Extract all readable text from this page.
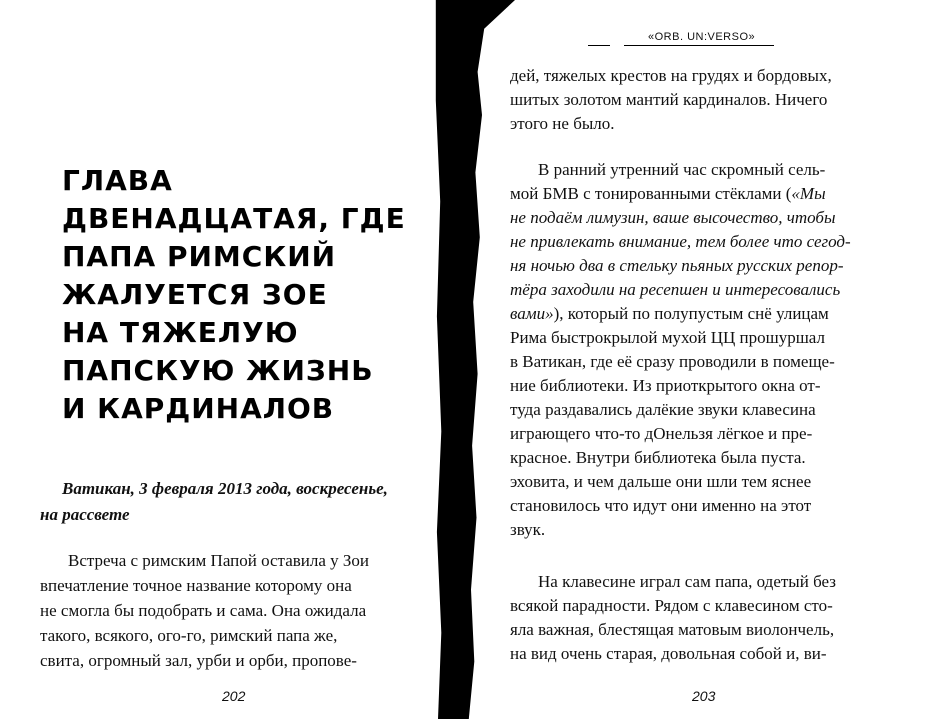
ГЛАВА
ДВЕНАДЦАТАЯ, ГДЕ
ПАПА РИМСКИЙ
ЖАЛУЕТСЯ ЗОЕ
НА ТЯЖЕЛУЮ
ПАПСКУЮ ЖИЗНЬ
И КАРДИНАЛОВ
Ватикан, 3 февраля 2013 года, воскресенье,
на рассвете
Встреча с римским Папой оставила у Зои
впечатление точное название которому она
не смогла бы подобрать и сама. Она ожидала
такого, всякого, ого-го, римский папа же,
свита, огромный зал, урби и орби, пропове-
202
«ORB. UN:VERSO»
дей, тяжелых крестов на грудях и бордовых,
шитых золотом мантий кардиналов. Ничего
этого не было.
В ранний утренний час скромный сель-
мой БМВ с тонированными стёклами («Мы
не подаём лимузин, ваше высочество, чтобы
не привлекать внимание, тем более что сегод-
ня ночью два в стельку пьяных русских репор-
тёра заходили на ресепшен и интересовались
вами»), который по полупустым снё улицам
Рима быстрокрылой мухой ЦЦ прошуршал
в Ватикан, где её сразу проводили в помеще-
ние библиотеки. Из приоткрытого окна от-
туда раздавались далёкие звуки клавесина
играющего что-то дОнельзя лёгкое и пре-
красное. Внутри библиотека была пуста.
эховита, и чем дальше они шли тем яснее
становилось что идут они именно на этот
звук.
На клавесине играл сам папа, одетый без
всякой парадности. Рядом с клавесином сто-
яла важная, блестящая матовым виолончель,
на вид очень старая, довольная собой и, ви-
203
